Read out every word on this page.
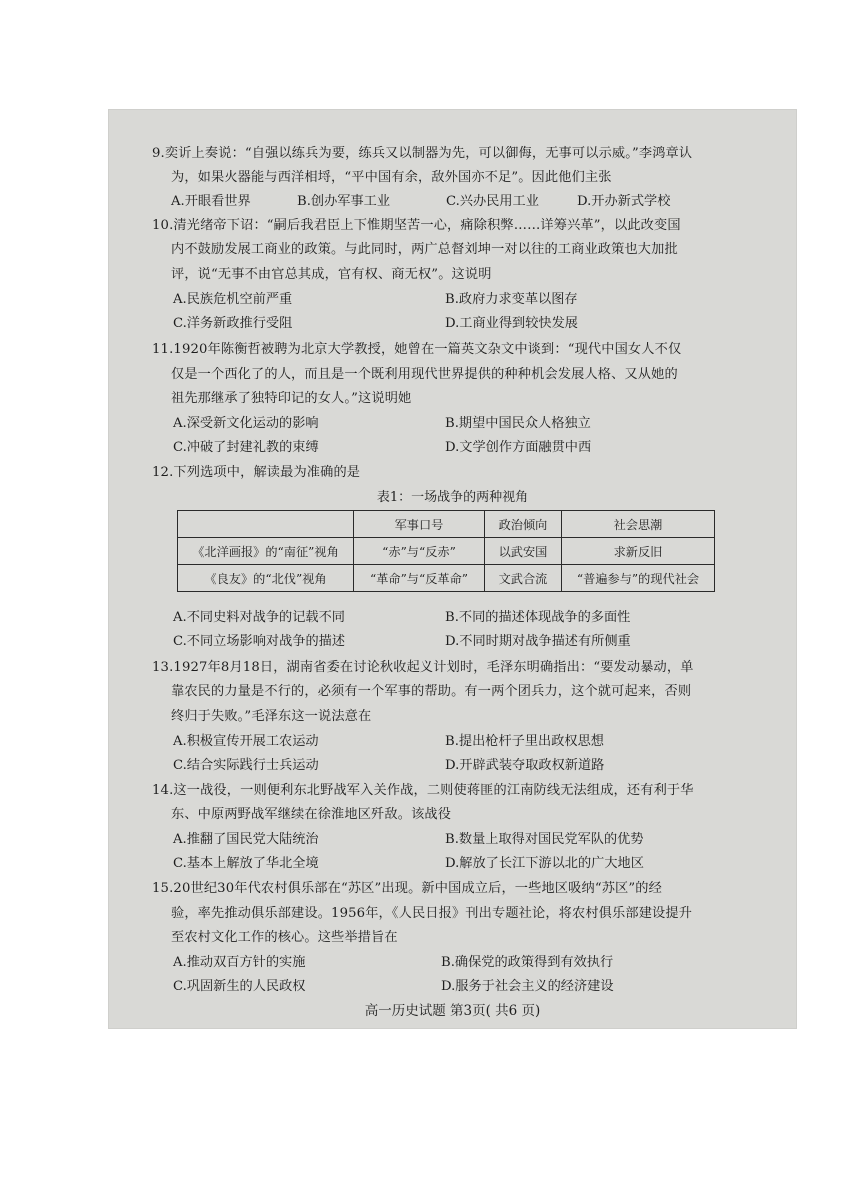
9.奕䜣上奏说：“自强以练兵为要，练兵又以制器为先，可以御侮，无事可以示威。”李鸿章认
为，如果火器能与西洋相埒，“平中国有余，敌外国亦不足”。因此他们主张
A.开眼看世界	B.创办军事工业	C.兴办民用工业	D.开办新式学校
10.清光绪帝下诏：“嗣后我君臣上下惟期坚苦一心，痛除积弊……详筹兴革”，以此改变国
内不鼓励发展工商业的政策。与此同时，两广总督刘坤一对以往的工商业政策也大加批
评，说“无事不由官总其成，官有权、商无权”。这说明
A.民族危机空前严重	B.政府力求变革以图存
C.洋务新政推行受阻	D.工商业得到较快发展
11.1920年陈衡哲被聘为北京大学教授，她曾在一篇英文杂文中谈到：“现代中国女人不仅
仅是一个西化了的人，而且是一个既利用现代世界提供的种种机会发展人格、又从她的
祖先那继承了独特印记的女人。”这说明她
A.深受新文化运动的影响	B.期望中国民众人格独立
C.冲破了封建礼教的束缚	D.文学创作方面融贯中西
12.下列选项中，解读最为准确的是
表1：一场战争的两种视角
	军事口号	政治倾向	社会思潮
《北洋画报》的“南征”视角	“赤”与“反赤”	以武安国	求新反旧
《良友》的“北伐”视角	“革命”与“反革命”	文武合流	“普遍参与”的现代社会
A.不同史料对战争的记载不同	B.不同的描述体现战争的多面性
C.不同立场影响对战争的描述	D.不同时期对战争描述有所侧重
13.1927年8月18日，湖南省委在讨论秋收起义计划时，毛泽东明确指出：“要发动暴动，单
靠农民的力量是不行的，必须有一个军事的帮助。有一两个团兵力，这个就可起来，否则
终归于失败。”毛泽东这一说法意在
A.积极宣传开展工农运动	B.提出枪杆子里出政权思想
C.结合实际践行士兵运动	D.开辟武装夺取政权新道路
14.这一战役，一则便利东北野战军入关作战，二则使蒋匪的江南防线无法组成，还有利于华
东、中原两野战军继续在徐淮地区歼敌。该战役
A.推翻了国民党大陆统治	B.数量上取得对国民党军队的优势
C.基本上解放了华北全境	D.解放了长江下游以北的广大地区
15.20世纪30年代农村俱乐部在“苏区”出现。新中国成立后，一些地区吸纳“苏区”的经
验，率先推动俱乐部建设。1956年，《人民日报》刊出专题社论，将农村俱乐部建设提升
至农村文化工作的核心。这些举措旨在
A.推动双百方针的实施	B.确保党的政策得到有效执行
C.巩固新生的人民政权	D.服务于社会主义的经济建设
高一历史试题 第3页( 共6 页)
